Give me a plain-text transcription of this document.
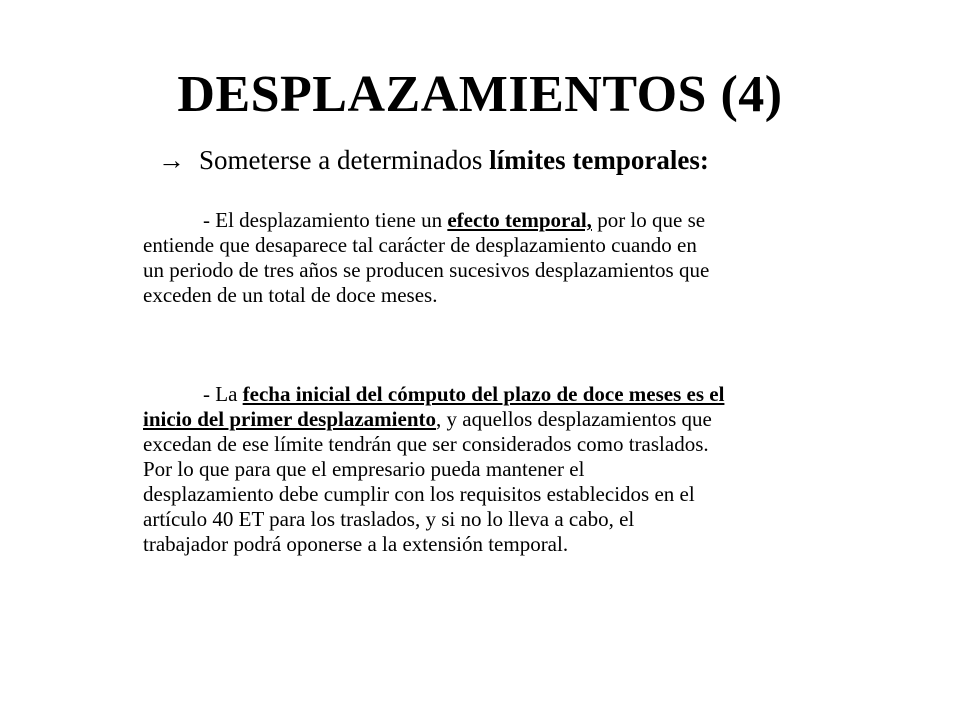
DESPLAZAMIENTOS (4)
→ Someterse a determinados límites temporales:
- El desplazamiento tiene un efecto temporal, por lo que se
entiende que desaparece tal carácter de desplazamiento cuando en
un periodo de tres años se producen sucesivos desplazamientos que
exceden de un total de doce meses.
- La fecha inicial del cómputo del plazo de doce meses es el
inicio del primer desplazamiento, y aquellos desplazamientos que
excedan de ese límite tendrán que ser considerados como traslados.
Por lo que para que el empresario pueda mantener el
desplazamiento debe cumplir con los requisitos establecidos en el
artículo 40 ET para los traslados, y si no lo lleva a cabo, el
trabajador podrá oponerse a la extensión temporal.
